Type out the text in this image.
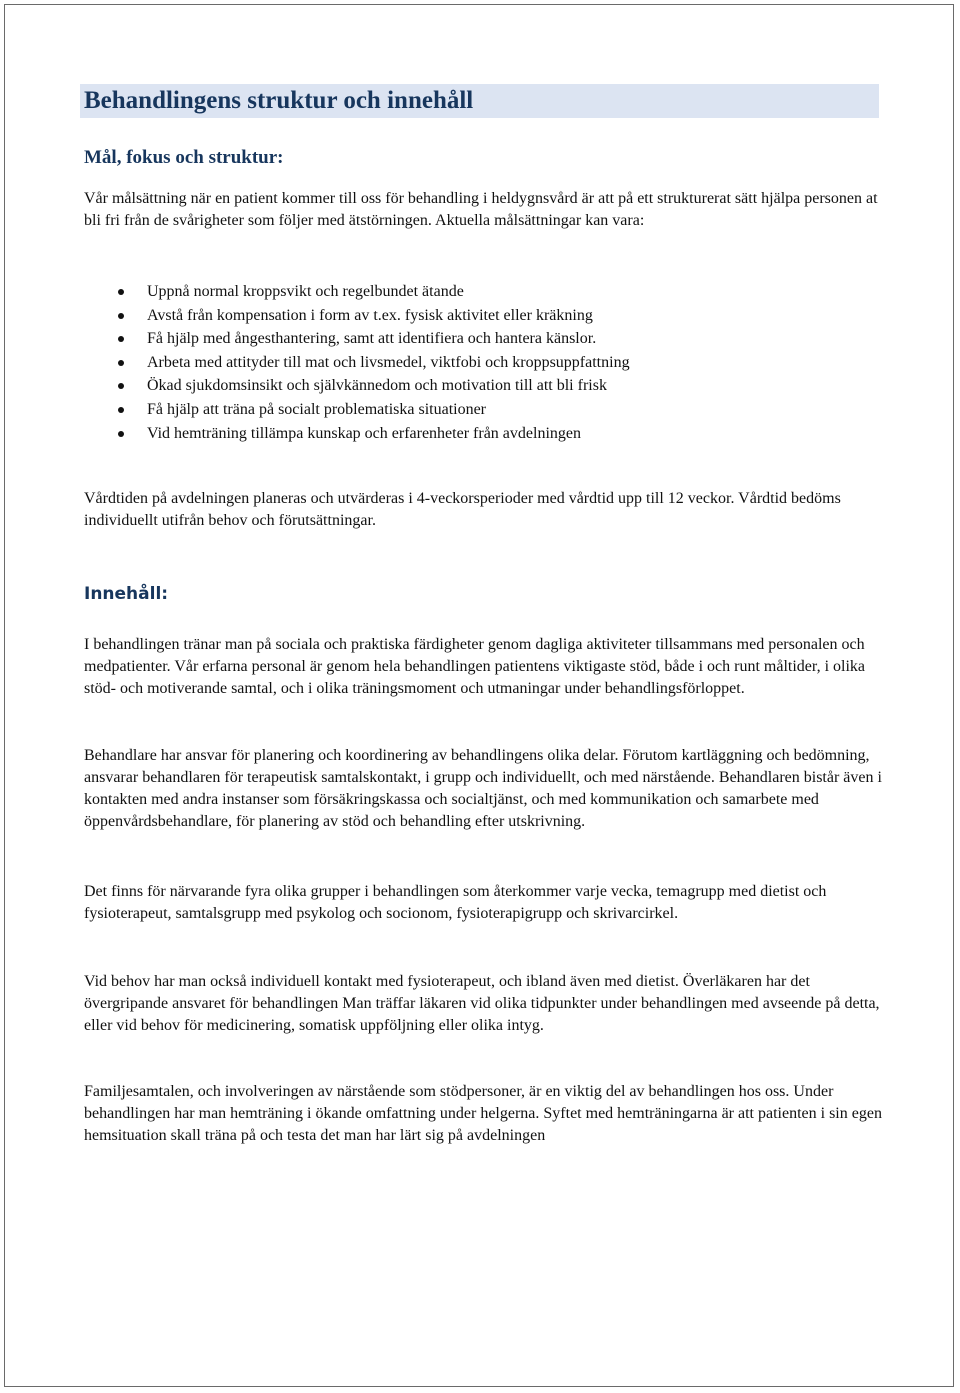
Behandlingens struktur och innehåll
Mål, fokus och struktur:

Vår målsättning när en patient kommer till oss för behandling i heldygnsvård är att på ett strukturerat sätt hjälpa personen at bli fri från de svårigheter som följer med ätstörningen. Aktuella målsättningar kan vara:

Uppnå normal kroppsvikt och regelbundet ätande
Avstå från kompensation i form av t.ex. fysisk aktivitet eller kräkning
Få hjälp med ångesthantering, samt att identifiera och hantera känslor.
Arbeta med attityder till mat och livsmedel, viktfobi och kroppsuppfattning
Ökad sjukdomsinsikt och självkännedom och motivation till att bli frisk
Få hjälp att träna på socialt problematiska situationer
Vid hemträning tillämpa kunskap och erfarenheter från avdelningen

Vårdtiden på avdelningen planeras och utvärderas i 4-veckorsperioder med vårdtid upp till 12 veckor. Vårdtid bedöms individuellt utifrån behov och förutsättningar.

Innehåll:

I behandlingen tränar man på sociala och praktiska färdigheter genom dagliga aktiviteter tillsammans med personalen och medpatienter. Vår erfarna personal är genom hela behandlingen patientens viktigaste stöd, både i och runt måltider, i olika stöd- och motiverande samtal, och i olika träningsmoment och utmaningar under behandlingsförloppet.

Behandlare har ansvar för planering och koordinering av behandlingens olika delar. Förutom kartläggning och bedömning, ansvarar behandlaren för terapeutisk samtalskontakt, i grupp och individuellt, och med närstående. Behandlaren bistår även i kontakten med andra instanser som försäkringskassa och socialtjänst, och med kommunikation och samarbete med öppenvårdsbehandlare, för planering av stöd och behandling efter utskrivning.

Det finns för närvarande fyra olika grupper i behandlingen som återkommer varje vecka, temagrupp med dietist och fysioterapeut, samtalsgrupp med psykolog och socionom, fysioterapigrupp och skrivarcirkel.

Vid behov har man också individuell kontakt med fysioterapeut, och ibland även med dietist. Överläkaren har det övergripande ansvaret för behandlingen Man träffar läkaren vid olika tidpunkter under behandlingen med avseende på detta, eller vid behov för medicinering, somatisk uppföljning eller olika intyg.

Familjesamtalen, och involveringen av närstående som stödpersoner, är en viktig del av behandlingen hos oss. Under behandlingen har man hemträning i ökande omfattning under helgerna. Syftet med hemträningarna är att patienten i sin egen hemsituation skall träna på och testa det man har lärt sig på avdelningen
